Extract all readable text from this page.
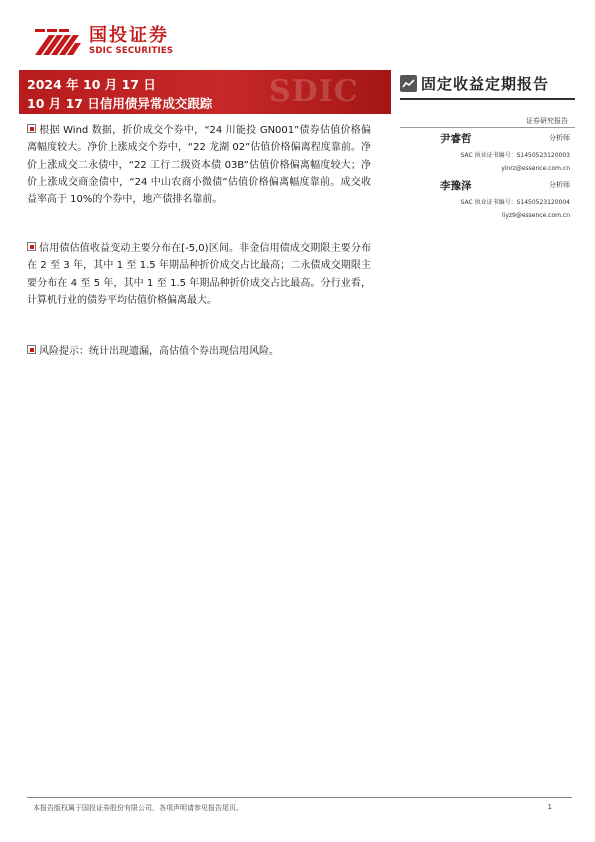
国投证券
SDIC SECURITIES
SDIC
2024 年 10 月 17 日
10 月 17 日信用债异常成交跟踪
固定收益定期报告
证券研究报告
尹睿哲	分析师
SAC 执业证书编号：S1450523120003
yinrz@essence.com.cn
李豫泽	分析师
SAC 执业证书编号：S1450523120004
liyz9@essence.com.cn
根据 Wind 数据，折价成交个券中，“24 川能投 GN001”债券估值价格偏离幅度较大。净价上涨成交个券中，“22 龙湖 02”估值价格偏离程度靠前。净价上涨成交二永债中，“22 工行二级资本债 03B”估值价格偏离幅度较大；净价上涨成交商金债中，“24 中山农商小微债”估值价格偏离幅度靠前。成交收益率高于 10%的个券中，地产债排名靠前。
信用债估值收益变动主要分布在[-5,0)区间。非金信用债成交期限主要分布在 2 至 3 年，其中 1 至 1.5 年期品种折价成交占比最高；二永债成交期限主要分布在 4 至 5 年，其中 1 至 1.5 年期品种折价成交占比最高。分行业看，计算机行业的债券平均估值价格偏离最大。
风险提示：统计出现遗漏，高估值个券出现信用风险。
本报告版权属于国投证券股份有限公司，各项声明请参见报告尾页。	1
